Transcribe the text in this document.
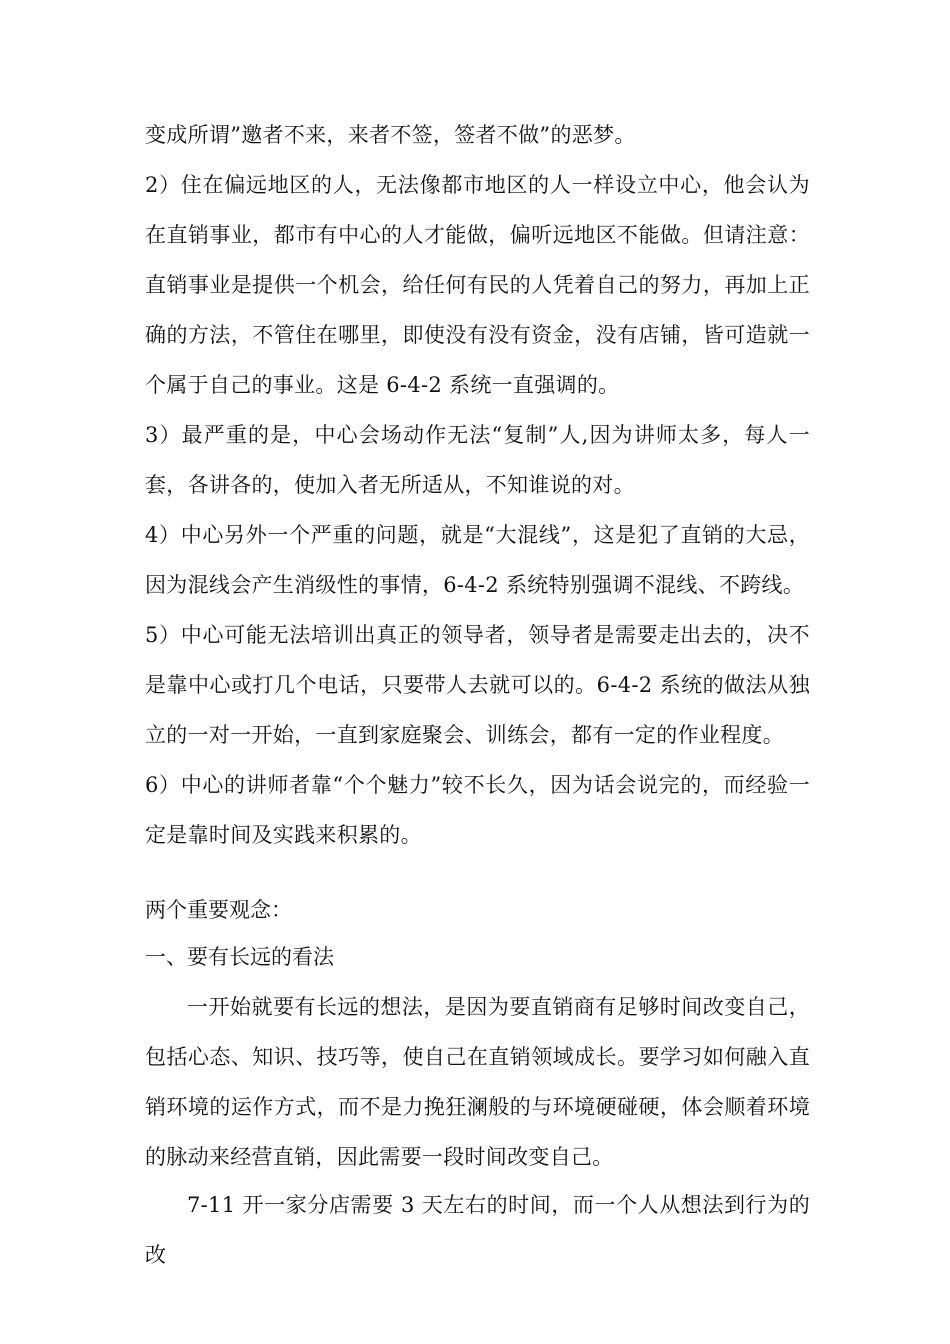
变成所谓”邀者不来，来者不签，签者不做”的恶梦。

2）住在偏远地区的人，无法像都市地区的人一样设立中心，他会认为在直销事业，都市有中心的人才能做，偏听远地区不能做。但请注意：直销事业是提供一个机会，给任何有民的人凭着自己的努力，再加上正确的方法，不管住在哪里，即使没有没有资金，没有店铺，皆可造就一个属于自己的事业。这是 6-4-2 系统一直强调的。

3）最严重的是，中心会场动作无法“复制”人,因为讲师太多，每人一套，各讲各的，使加入者无所适从，不知谁说的对。

4）中心另外一个严重的问题，就是“大混线”，这是犯了直销的大忌，因为混线会产生消级性的事情，6-4-2 系统特别强调不混线、不跨线。

5）中心可能无法培训出真正的领导者，领导者是需要走出去的，决不是靠中心或打几个电话，只要带人去就可以的。6-4-2 系统的做法从独立的一对一开始，一直到家庭聚会、训练会，都有一定的作业程度。

6）中心的讲师者靠“个个魅力”较不长久，因为话会说完的，而经验一定是靠时间及实践来积累的。

两个重要观念：

一、要有长远的看法

一开始就要有长远的想法，是因为要直销商有足够时间改变自己，包括心态、知识、技巧等，使自己在直销领域成长。要学习如何融入直销环境的运作方式，而不是力挽狂澜般的与环境硬碰硬，体会顺着环境的脉动来经营直销，因此需要一段时间改变自己。

7-11 开一家分店需要 3 天左右的时间，而一个人从想法到行为的改
